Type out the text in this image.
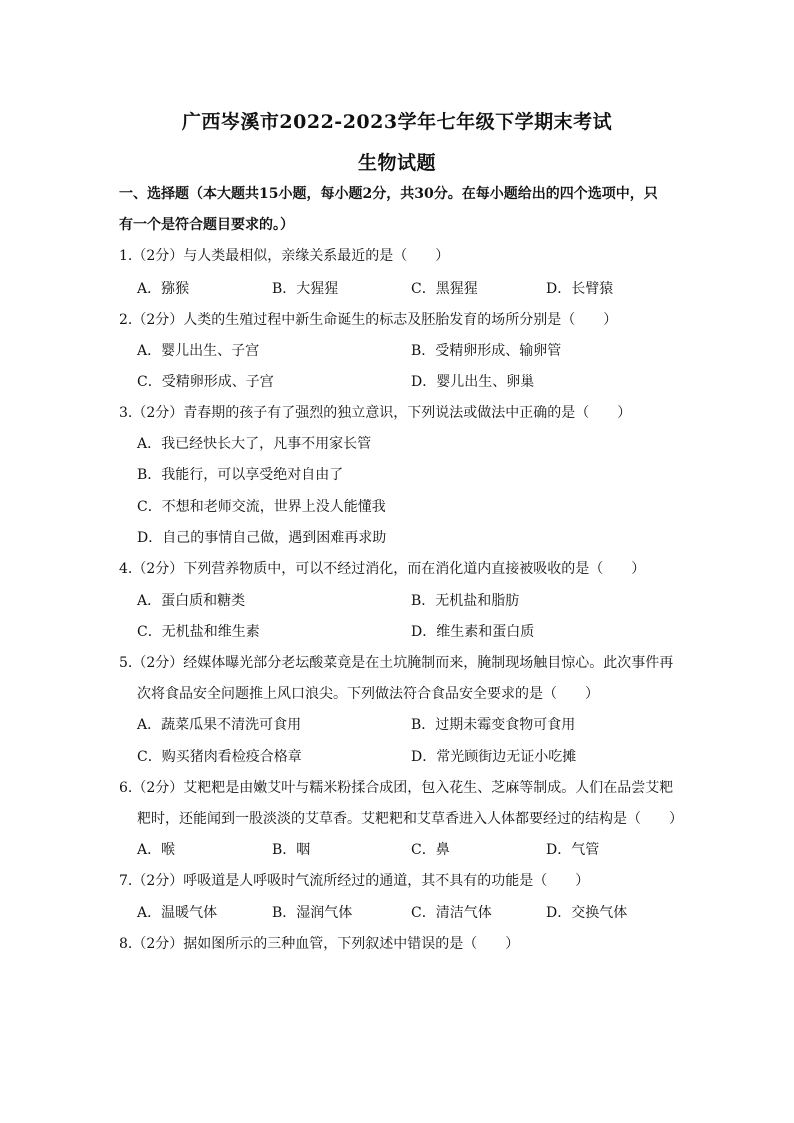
广西岑溪市2022-2023学年七年级下学期末考试
生物试题
一、选择题（本大题共15小题，每小题2分，共30分。在每小题给出的四个选项中，只
有一个是符合题目要求的。）
1.（2分）与人类最相似，亲缘关系最近的是（　　）
A．猕猴	B．大猩猩	C．黑猩猩	D．长臂猿
2.（2分）人类的生殖过程中新生命诞生的标志及胚胎发育的场所分别是（　　）
A．婴儿出生、子宫	B．受精卵形成、输卵管
C．受精卵形成、子宫	D．婴儿出生、卵巢
3.（2分）青春期的孩子有了强烈的独立意识，下列说法或做法中正确的是（　　）
A．我已经快长大了，凡事不用家长管
B．我能行，可以享受绝对自由了
C．不想和老师交流，世界上没人能懂我
D．自己的事情自己做，遇到困难再求助
4.（2分）下列营养物质中，可以不经过消化，而在消化道内直接被吸收的是（　　）
A．蛋白质和糖类	B．无机盐和脂肪
C．无机盐和维生素	D．维生素和蛋白质
5.（2分）经媒体曝光部分老坛酸菜竟是在土坑腌制而来，腌制现场触目惊心。此次事件再
次将食品安全问题推上风口浪尖。下列做法符合食品安全要求的是（　　）
A．蔬菜瓜果不清洗可食用	B．过期未霉变食物可食用
C．购买猪肉看检疫合格章	D．常光顾街边无证小吃摊
6.（2分）艾粑粑是由嫩艾叶与糯米粉揉合成团，包入花生、芝麻等制成。人们在品尝艾粑
粑时，还能闻到一股淡淡的艾草香。艾粑粑和艾草香进入人体都要经过的结构是（　　）
A．喉	B．咽	C．鼻	D．气管
7.（2分）呼吸道是人呼吸时气流所经过的通道，其不具有的功能是（　　）
A．温暖气体	B．湿润气体	C．清洁气体	D．交换气体
8.（2分）据如图所示的三种血管，下列叙述中错误的是（　　）
